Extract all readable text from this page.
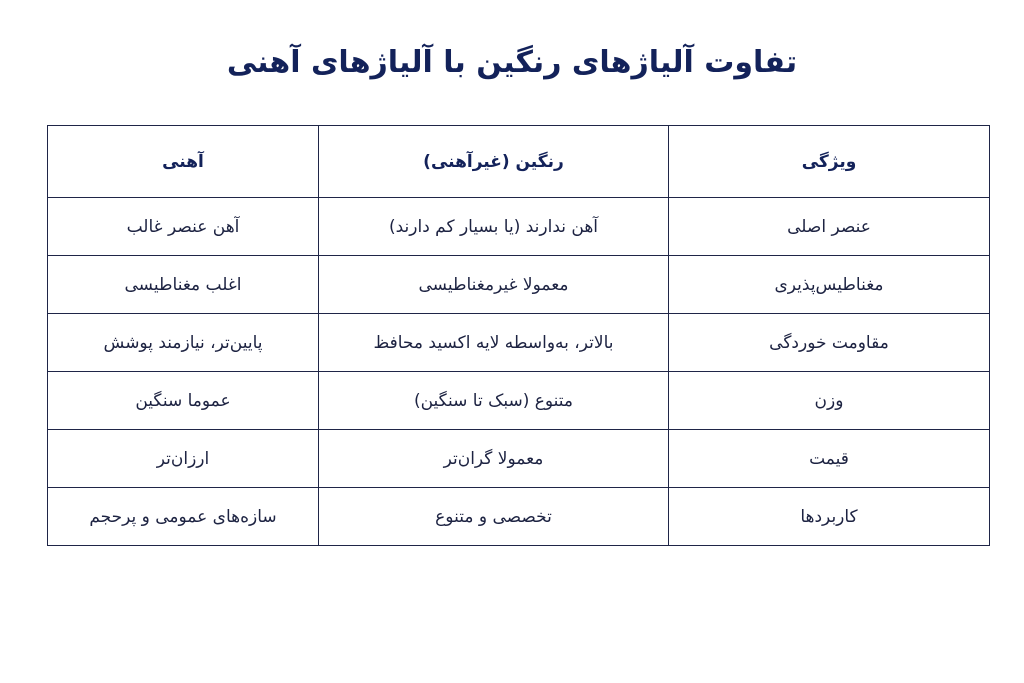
تفاوت آلیاژهای رنگین با آلیاژهای آهنی
ویژگی	رنگین (غیرآهنی)	آهنی
عنصر اصلی	آهن ندارند (یا بسیار کم دارند)	آهن عنصر غالب
مغناطیس‌پذیری	معمولا غیرمغناطیسی	اغلب مغناطیسی
مقاومت خوردگی	بالاتر، به‌واسطه لایه اکسید محافظ	پایین‌تر، نیازمند پوشش
وزن	متنوع (سبک تا سنگین)	عموما سنگین
قیمت	معمولا گران‌تر	ارزان‌تر
کاربردها	تخصصی و متنوع	سازه‌های عمومی و پرحجم
